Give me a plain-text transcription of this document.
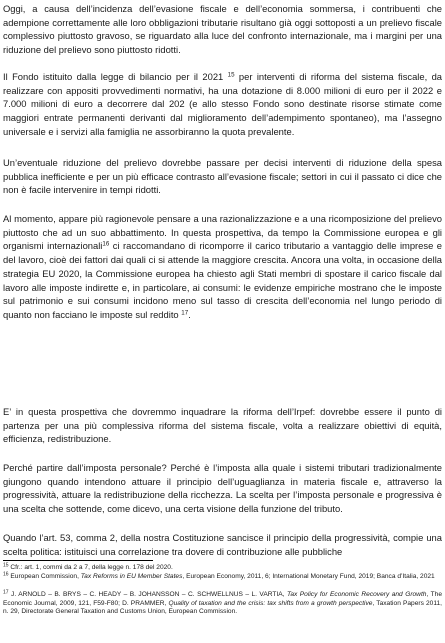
Oggi, a causa dell’incidenza dell’evasione fiscale e dell’economia sommersa, i contribuenti che adempione correttamente alle loro obbligazioni tributarie risultano già oggi sottoposti a un prelievo fiscale complessivo piuttosto gravoso, se riguardato alla luce del confronto internazionale, ma i margini per una riduzione del prelievo sono piuttosto ridotti.

Il Fondo istituito dalla legge di bilancio per il 2021 $^{15}$ per interventi di riforma del sistema fiscale, da realizzare con appositi provvedimenti normativi, ha una dotazione di 8.000 milioni di euro per il 2022 e 7.000 milioni di euro a decorrere dal 202 (e allo stesso Fondo sono destinate risorse stimate come maggiori entrate permanenti derivanti dal miglioramento dell’adempimento spontaneo), ma l’assegno universale e i servizi alla famiglia ne assorbiranno la quota prevalente.

Un’eventuale riduzione del prelievo dovrebbe passare per decisi interventi di riduzione della spesa pubblica inefficiente e per un più efficace contrasto all’evasione fiscale; settori in cui il passato ci dice che non è facile intervenire in tempi ridotti.

Al momento, appare più ragionevole pensare a una razionalizzazione e a una ricomposizione del prelievo piuttosto che ad un suo abbattimento. In questa prospettiva, da tempo la Commissione europea e gli organismi internazionali$^{16}$ ci raccomandano di ricomporre il carico tributario a vantaggio delle imprese e del lavoro, cioè dei fattori dai quali ci si attende la maggiore crescita. Ancora una volta, in occasione della strategia EU 2020, la Commissione europea ha chiesto agli Stati membri di spostare il carico fiscale dal lavoro alle imposte indirette e, in particolare, ai consumi: le evidenze empiriche mostrano che le imposte sul patrimonio e sui consumi incidono meno sul tasso di crescita dell’economia nel lungo periodo di quanto non facciano le imposte sul reddito $^{17}$.

E’ in questa prospettiva che dovremmo inquadrare la riforma dell’Irpef: dovrebbe essere il punto di partenza per una più complessiva riforma del sistema fiscale, volta a realizzare obiettivi di equità, efficienza, redistribuzione.

Perché partire dall’imposta personale? Perché è l’imposta alla quale i sistemi tributari tradizionalmente giungono quando intendono attuare il principio dell’uguaglianza in materia fiscale e, attraverso la progressività, attuare la redistribuzione della ricchezza. La scelta per l’imposta personale e progressiva è una scelta che sottende, come dicevo, una certa visione della funzione del tributo.

Quando l’art. 53, comma 2, della nostra Costituzione sancisce il principio della progressività, compie una scelta politica: istituisci una correlazione tra dovere di contribuzione alle pubbliche

$^{15}$ Cfr.: art. 1, commi da 2 a 7, della legge n. 178 del 2020.

$^{16}$ European Commission, Tax Reforms in EU Member States, European Economy, 2011, 6; International Monetary Fund, 2019; Banca d’Italia, 2021

$^{17}$ J. ARNOLD – B. BRYS – C. HEADY – B. JOHANSSON – C. SCHWELLNUS – L. VARTIA, Tax Policy for Economic Recovery and Growth, The Economic Journal, 2009, 121, F59-F80; D. PRAMMER, Quality of taxation and the crisis: tax shifts from a growth perspective, Taxation Papers 2011, n. 29, Directorate General Taxation and Customs Union, European Commission.
